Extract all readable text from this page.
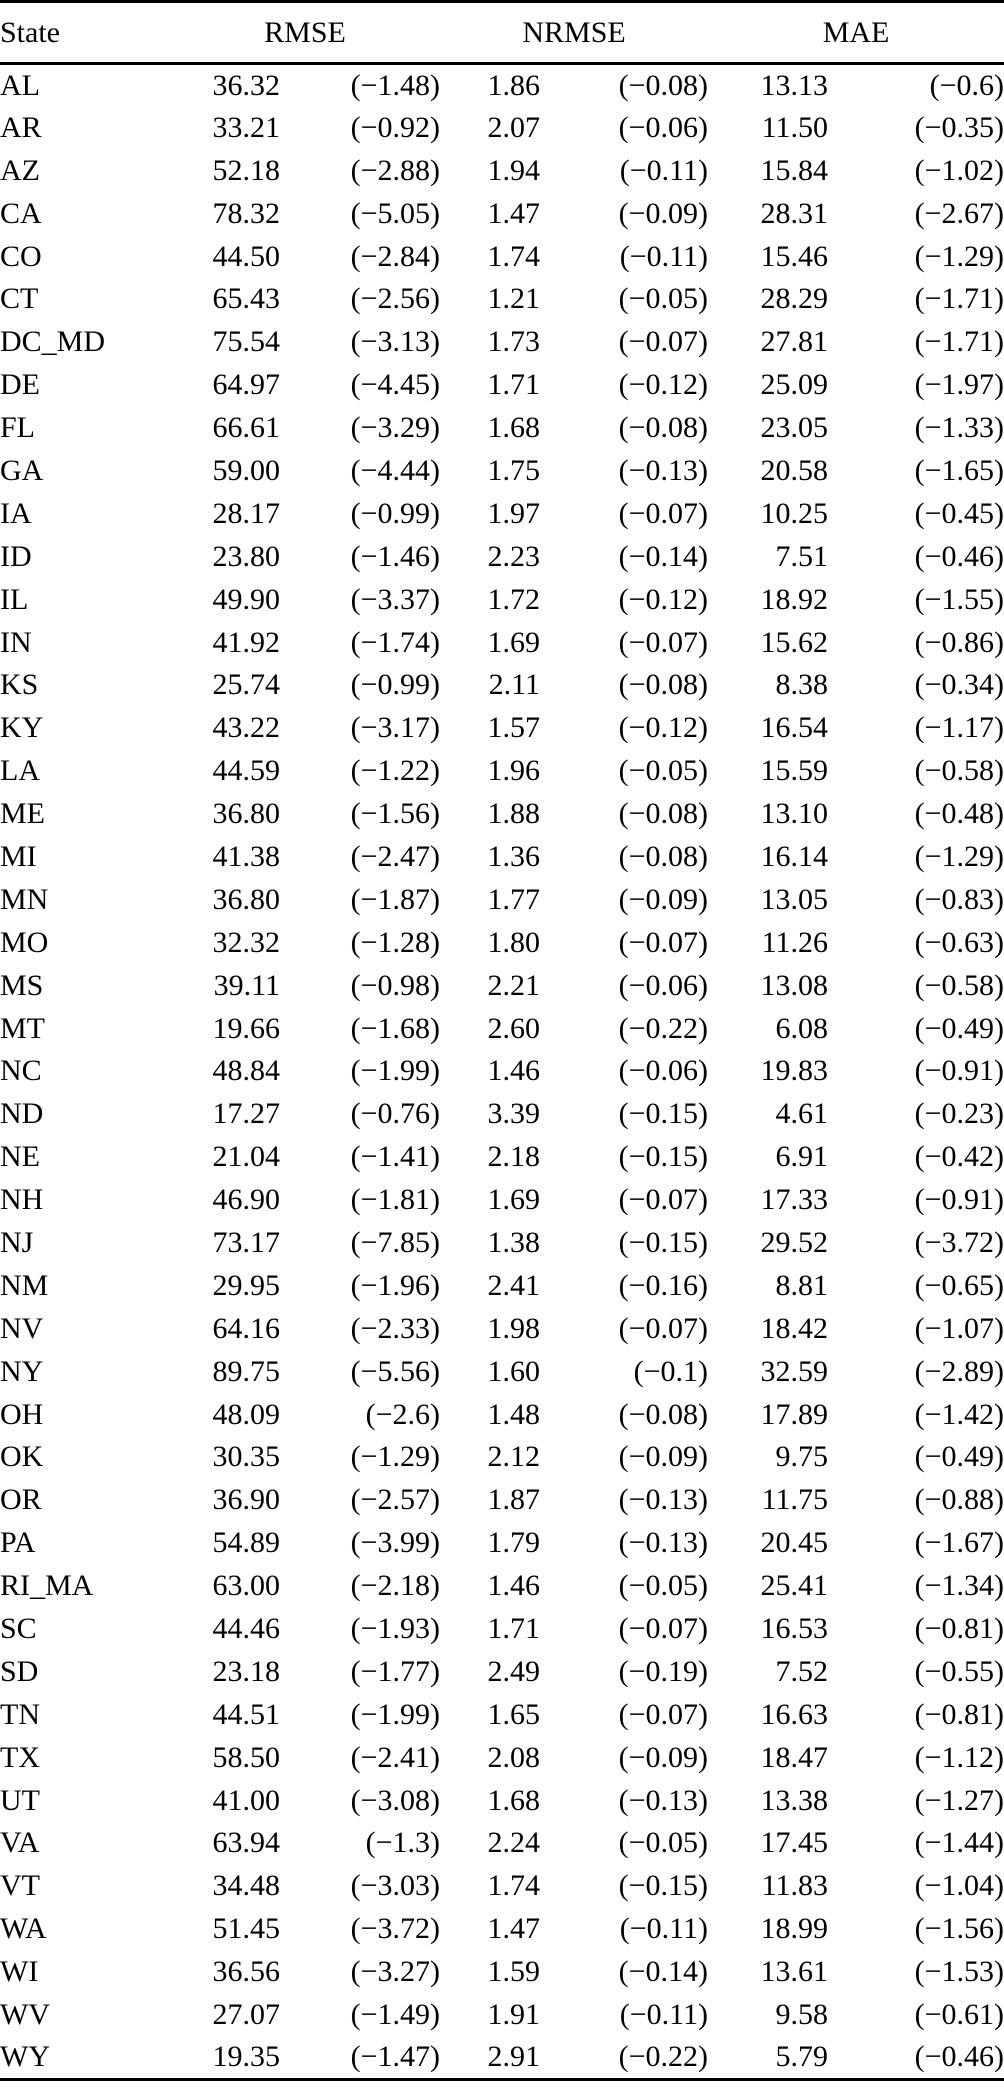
State	RMSE		NRMSE		MAE	
AL	36.32	(−1.48)	1.86	(−0.08)	13.13	(−0.6)
AR	33.21	(−0.92)	2.07	(−0.06)	11.50	(−0.35)
AZ	52.18	(−2.88)	1.94	(−0.11)	15.84	(−1.02)
CA	78.32	(−5.05)	1.47	(−0.09)	28.31	(−2.67)
CO	44.50	(−2.84)	1.74	(−0.11)	15.46	(−1.29)
CT	65.43	(−2.56)	1.21	(−0.05)	28.29	(−1.71)
DC_MD	75.54	(−3.13)	1.73	(−0.07)	27.81	(−1.71)
DE	64.97	(−4.45)	1.71	(−0.12)	25.09	(−1.97)
FL	66.61	(−3.29)	1.68	(−0.08)	23.05	(−1.33)
GA	59.00	(−4.44)	1.75	(−0.13)	20.58	(−1.65)
IA	28.17	(−0.99)	1.97	(−0.07)	10.25	(−0.45)
ID	23.80	(−1.46)	2.23	(−0.14)	7.51	(−0.46)
IL	49.90	(−3.37)	1.72	(−0.12)	18.92	(−1.55)
IN	41.92	(−1.74)	1.69	(−0.07)	15.62	(−0.86)
KS	25.74	(−0.99)	2.11	(−0.08)	8.38	(−0.34)
KY	43.22	(−3.17)	1.57	(−0.12)	16.54	(−1.17)
LA	44.59	(−1.22)	1.96	(−0.05)	15.59	(−0.58)
ME	36.80	(−1.56)	1.88	(−0.08)	13.10	(−0.48)
MI	41.38	(−2.47)	1.36	(−0.08)	16.14	(−1.29)
MN	36.80	(−1.87)	1.77	(−0.09)	13.05	(−0.83)
MO	32.32	(−1.28)	1.80	(−0.07)	11.26	(−0.63)
MS	39.11	(−0.98)	2.21	(−0.06)	13.08	(−0.58)
MT	19.66	(−1.68)	2.60	(−0.22)	6.08	(−0.49)
NC	48.84	(−1.99)	1.46	(−0.06)	19.83	(−0.91)
ND	17.27	(−0.76)	3.39	(−0.15)	4.61	(−0.23)
NE	21.04	(−1.41)	2.18	(−0.15)	6.91	(−0.42)
NH	46.90	(−1.81)	1.69	(−0.07)	17.33	(−0.91)
NJ	73.17	(−7.85)	1.38	(−0.15)	29.52	(−3.72)
NM	29.95	(−1.96)	2.41	(−0.16)	8.81	(−0.65)
NV	64.16	(−2.33)	1.98	(−0.07)	18.42	(−1.07)
NY	89.75	(−5.56)	1.60	(−0.1)	32.59	(−2.89)
OH	48.09	(−2.6)	1.48	(−0.08)	17.89	(−1.42)
OK	30.35	(−1.29)	2.12	(−0.09)	9.75	(−0.49)
OR	36.90	(−2.57)	1.87	(−0.13)	11.75	(−0.88)
PA	54.89	(−3.99)	1.79	(−0.13)	20.45	(−1.67)
RI_MA	63.00	(−2.18)	1.46	(−0.05)	25.41	(−1.34)
SC	44.46	(−1.93)	1.71	(−0.07)	16.53	(−0.81)
SD	23.18	(−1.77)	2.49	(−0.19)	7.52	(−0.55)
TN	44.51	(−1.99)	1.65	(−0.07)	16.63	(−0.81)
TX	58.50	(−2.41)	2.08	(−0.09)	18.47	(−1.12)
UT	41.00	(−3.08)	1.68	(−0.13)	13.38	(−1.27)
VA	63.94	(−1.3)	2.24	(−0.05)	17.45	(−1.44)
VT	34.48	(−3.03)	1.74	(−0.15)	11.83	(−1.04)
WA	51.45	(−3.72)	1.47	(−0.11)	18.99	(−1.56)
WI	36.56	(−3.27)	1.59	(−0.14)	13.61	(−1.53)
WV	27.07	(−1.49)	1.91	(−0.11)	9.58	(−0.61)
WY	19.35	(−1.47)	2.91	(−0.22)	5.79	(−0.46)
